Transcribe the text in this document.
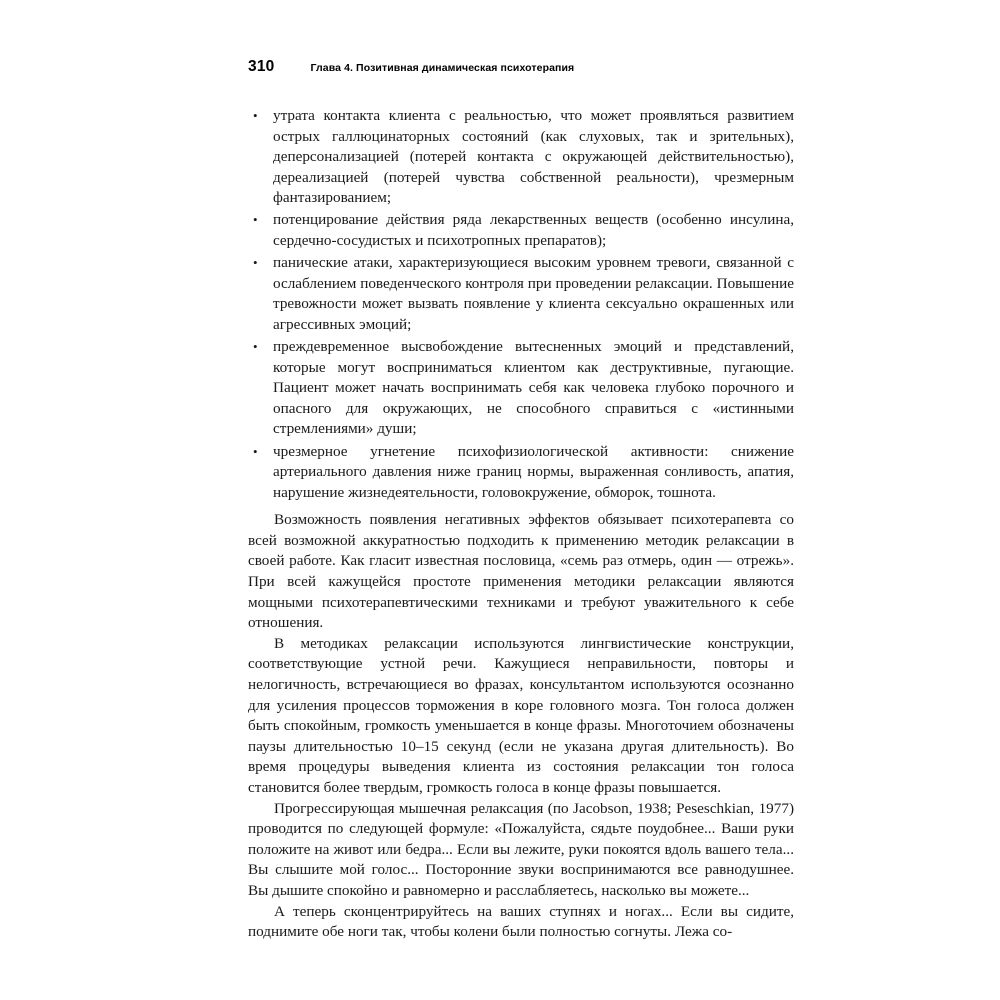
310	Глава 4. Позитивная динамическая психотерапия
• утрата контакта клиента с реальностью, что может проявляться развитием острых галлюцинаторных состояний (как слуховых, так и зрительных), деперсонализацией (потерей контакта с окружающей действительностью), дереализацией (потерей чувства собственной реальности), чрезмерным фантазированием;
• потенцирование действия ряда лекарственных веществ (особенно инсулина, сердечно-сосудистых и психотропных препаратов);
• панические атаки, характеризующиеся высоким уровнем тревоги, связанной с ослаблением поведенческого контроля при проведении релаксации. Повышение тревожности может вызвать появление у клиента сексуально окрашенных или агрессивных эмоций;
• преждевременное высвобождение вытесненных эмоций и представлений, которые могут восприниматься клиентом как деструктивные, пугающие. Пациент может начать воспринимать себя как человека глубоко порочного и опасного для окружающих, не способного справиться с «истинными стремлениями» души;
• чрезмерное угнетение психофизиологической активности: снижение артериального давления ниже границ нормы, выраженная сонливость, апатия, нарушение жизнедеятельности, головокружение, обморок, тошнота.

Возможность появления негативных эффектов обязывает психотерапевта со всей возможной аккуратностью подходить к применению методик релаксации в своей работе. Как гласит известная пословица, «семь раз отмерь, один — отрежь». При всей кажущейся простоте применения методики релаксации являются мощными психотерапевтическими техниками и требуют уважительного к себе отношения.

В методиках релаксации используются лингвистические конструкции, соответствующие устной речи. Кажущиеся неправильности, повторы и нелогичность, встречающиеся во фразах, консультантом используются осознанно для усиления процессов торможения в коре головного мозга. Тон голоса должен быть спокойным, громкость уменьшается в конце фразы. Многоточием обозначены паузы длительностью 10–15 секунд (если не указана другая длительность). Во время процедуры выведения клиента из состояния релаксации тон голоса становится более твердым, громкость голоса в конце фразы повышается.

Прогрессирующая мышечная релаксация (по Jacobson, 1938; Peseschkian, 1977) проводится по следующей формуле: «Пожалуйста, сядьте поудобнее... Ваши руки положите на живот или бедра... Если вы лежите, руки покоятся вдоль вашего тела... Вы слышите мой голос... Посторонние звуки воспринимаются все равнодушнее. Вы дышите спокойно и равномерно и расслабляетесь, насколько вы можете...

А теперь сконцентрируйтесь на ваших ступнях и ногах... Если вы сидите, поднимите обе ноги так, чтобы колени были полностью согнуты. Лежа со-
